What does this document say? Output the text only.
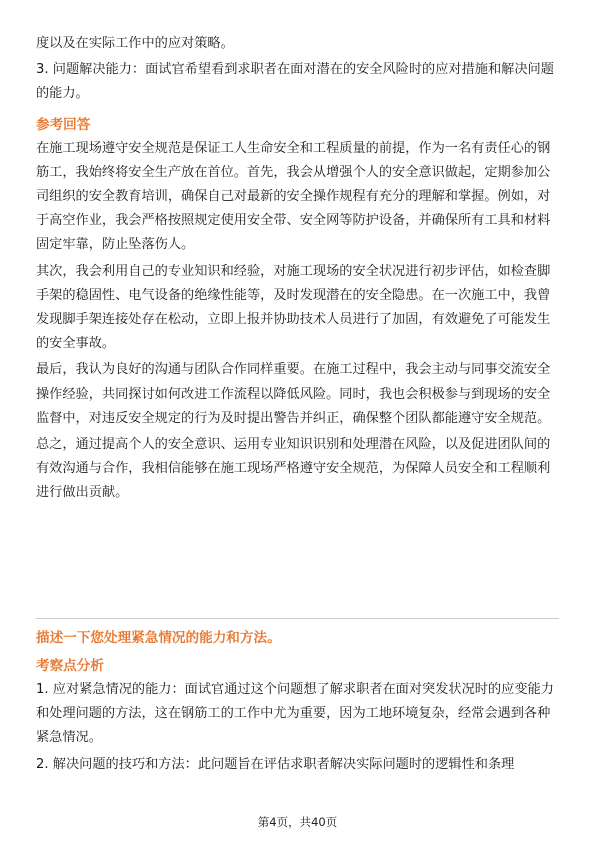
度以及在实际工作中的应对策略。

3. 问题解决能力：面试官希望看到求职者在面对潜在的安全风险时的应对措施和解决问题的能力。

参考回答

在施工现场遵守安全规范是保证工人生命安全和工程质量的前提，作为一名有责任心的钢筋工，我始终将安全生产放在首位。首先，我会从增强个人的安全意识做起，定期参加公司组织的安全教育培训，确保自己对最新的安全操作规程有充分的理解和掌握。例如，对于高空作业，我会严格按照规定使用安全带、安全网等防护设备，并确保所有工具和材料固定牢靠，防止坠落伤人。

其次，我会利用自己的专业知识和经验，对施工现场的安全状况进行初步评估，如检查脚手架的稳固性、电气设备的绝缘性能等，及时发现潜在的安全隐患。在一次施工中，我曾发现脚手架连接处存在松动，立即上报并协助技术人员进行了加固，有效避免了可能发生的安全事故。

最后，我认为良好的沟通与团队合作同样重要。在施工过程中，我会主动与同事交流安全操作经验，共同探讨如何改进工作流程以降低风险。同时，我也会积极参与到现场的安全监督中，对违反安全规定的行为及时提出警告并纠正，确保整个团队都能遵守安全规范。

总之，通过提高个人的安全意识、运用专业知识识别和处理潜在风险，以及促进团队间的有效沟通与合作，我相信能够在施工现场严格遵守安全规范，为保障人员安全和工程顺利进行做出贡献。

描述一下您处理紧急情况的能力和方法。

考察点分析

1. 应对紧急情况的能力：面试官通过这个问题想了解求职者在面对突发状况时的应变能力和处理问题的方法，这在钢筋工的工作中尤为重要，因为工地环境复杂，经常会遇到各种紧急情况。

2. 解决问题的技巧和方法：此问题旨在评估求职者解决实际问题时的逻辑性和条理

第4页，共40页
